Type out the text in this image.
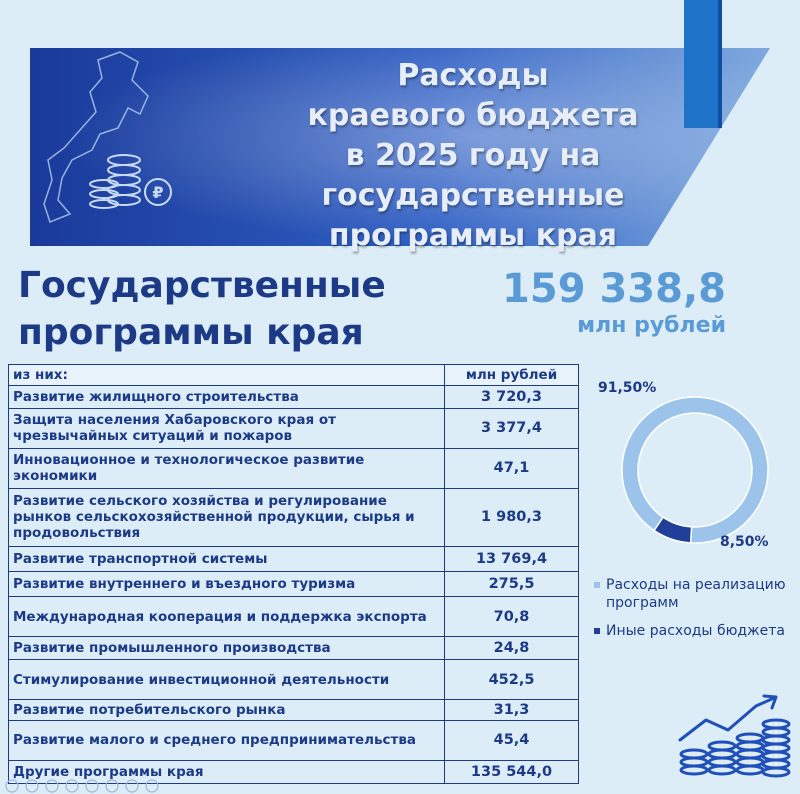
₽
Расходы
краевого бюджета
в 2025 году на
государственные
программы края
Государственные
программы края
159 338,8
млн рублей
из них:	млн рублей
Развитие жилищного строительства	3 720,3
Защита населения Хабаровского края от чрезвычайных ситуаций и пожаров	3 377,4
Инновационное и технологическое развитие экономики	47,1
Развитие сельского хозяйства и регулирование рынков сельскохозяйственной продукции, сырья и продовольствия	1 980,3
Развитие транспортной системы	13 769,4
Развитие внутреннего и въездного туризма	275,5
Международная кооперация и поддержка экспорта	70,8
Развитие промышленного производства	24,8
Стимулирование инвестиционной деятельности	452,5
Развитие потребительского рынка	31,3
Развитие малого и среднего предпринимательства	45,4
Другие программы края	135 544,0
91,50%
8,50%
Расходы на реализацию программ
Иные расходы бюджета
